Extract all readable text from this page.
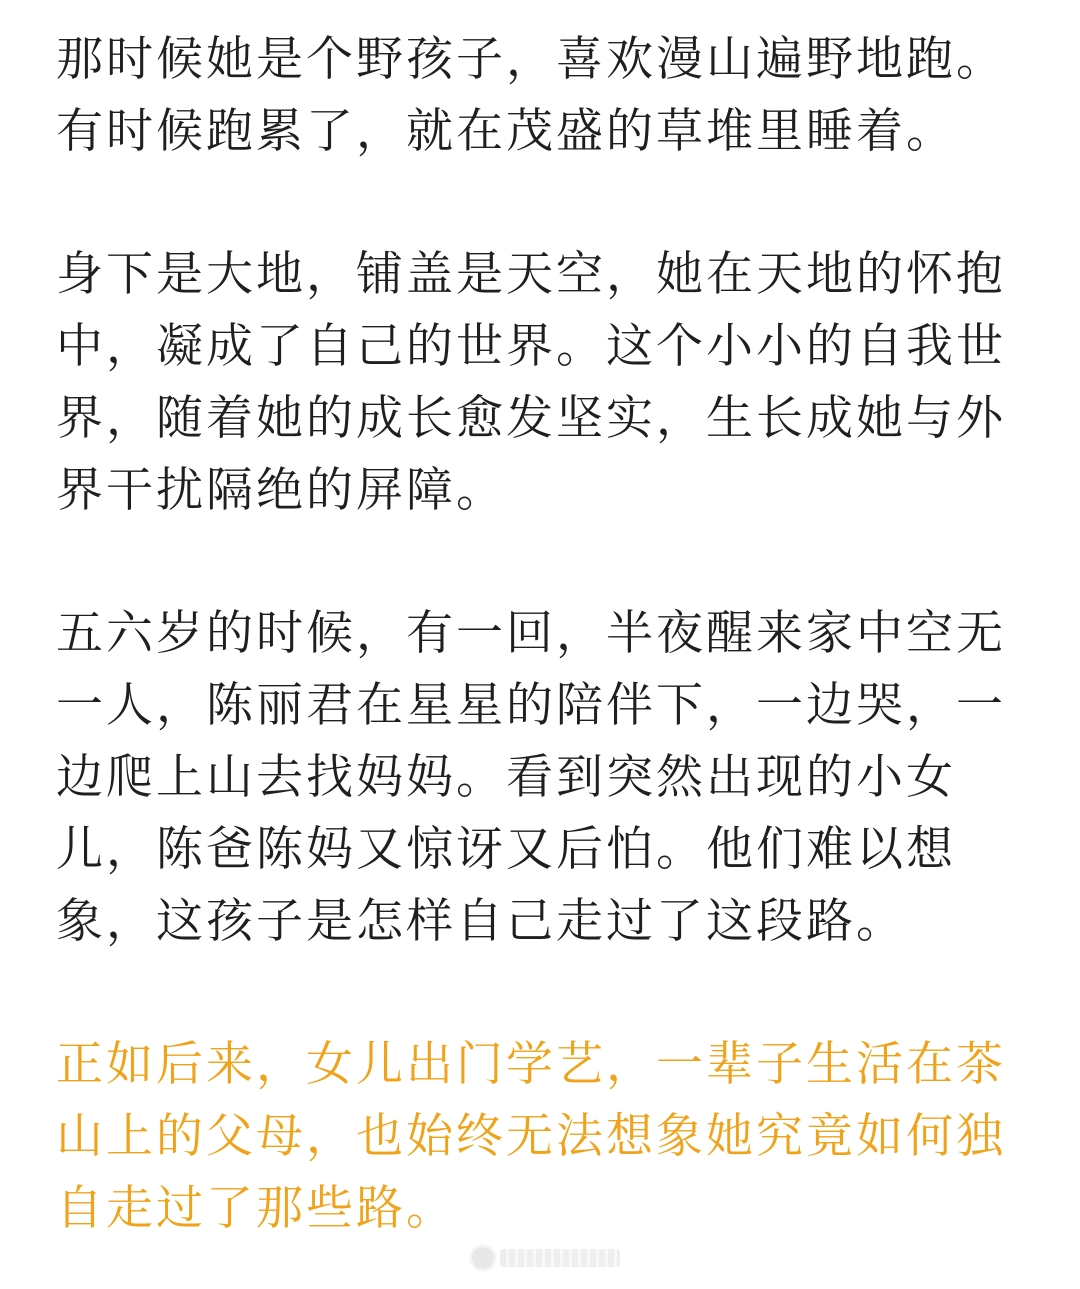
那时候她是个野孩子，喜欢漫山遍野地跑。
有时候跑累了，就在茂盛的草堆里睡着。
身下是大地，铺盖是天空，她在天地的怀抱
中，凝成了自己的世界。这个小小的自我世
界，随着她的成长愈发坚实，生长成她与外
界干扰隔绝的屏障。
五六岁的时候，有一回，半夜醒来家中空无
一人，陈丽君在星星的陪伴下，一边哭，一
边爬上山去找妈妈。看到突然出现的小女
儿，陈爸陈妈又惊讶又后怕。他们难以想
象，这孩子是怎样自己走过了这段路。
正如后来，女儿出门学艺，一辈子生活在茶
山上的父母，也始终无法想象她究竟如何独
自走过了那些路。
